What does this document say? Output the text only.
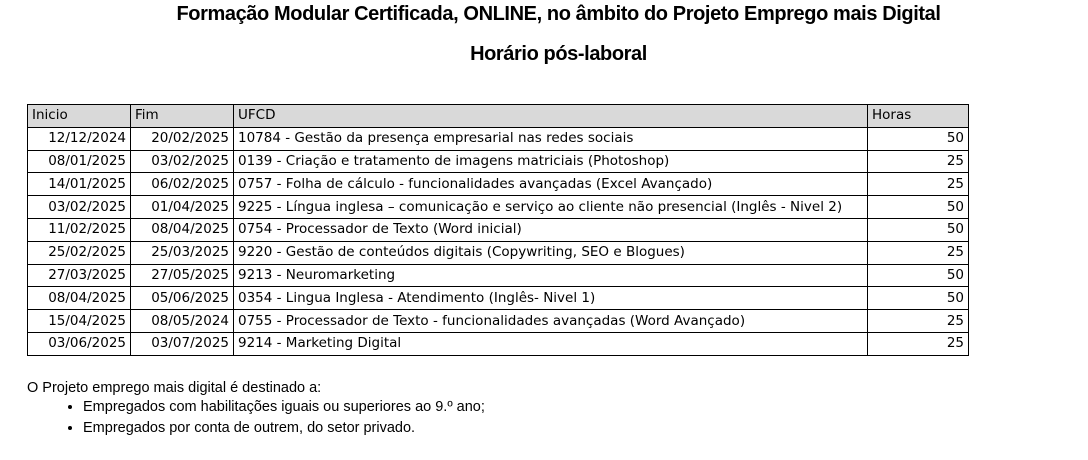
Formação Modular Certificada, ONLINE, no âmbito do Projeto Emprego mais Digital
Horário pós-laboral
Inicio	Fim	UFCD	Horas
12/12/2024	20/02/2025	10784 - Gestão da presença empresarial nas redes sociais	50
08/01/2025	03/02/2025	0139 - Criação e tratamento de imagens matriciais (Photoshop)	25
14/01/2025	06/02/2025	0757 - Folha de cálculo - funcionalidades avançadas (Excel Avançado)	25
03/02/2025	01/04/2025	9225 - Língua inglesa – comunicação e serviço ao cliente não presencial (Inglês - Nivel 2)	50
11/02/2025	08/04/2025	0754 - Processador de Texto (Word inicial)	50
25/02/2025	25/03/2025	9220 - Gestão de conteúdos digitais (Copywriting, SEO e Blogues)	25
27/03/2025	27/05/2025	9213 - Neuromarketing	50
08/04/2025	05/06/2025	0354 - Lingua Inglesa - Atendimento (Inglês- Nivel 1)	50
15/04/2025	08/05/2024	0755 - Processador de Texto - funcionalidades avançadas (Word Avançado)	25
03/06/2025	03/07/2025	9214 - Marketing Digital	25

O Projeto emprego mais digital é destinado a:

• Empregados com habilitações iguais ou superiores ao 9.º ano;
• Empregados por conta de outrem, do setor privado.
